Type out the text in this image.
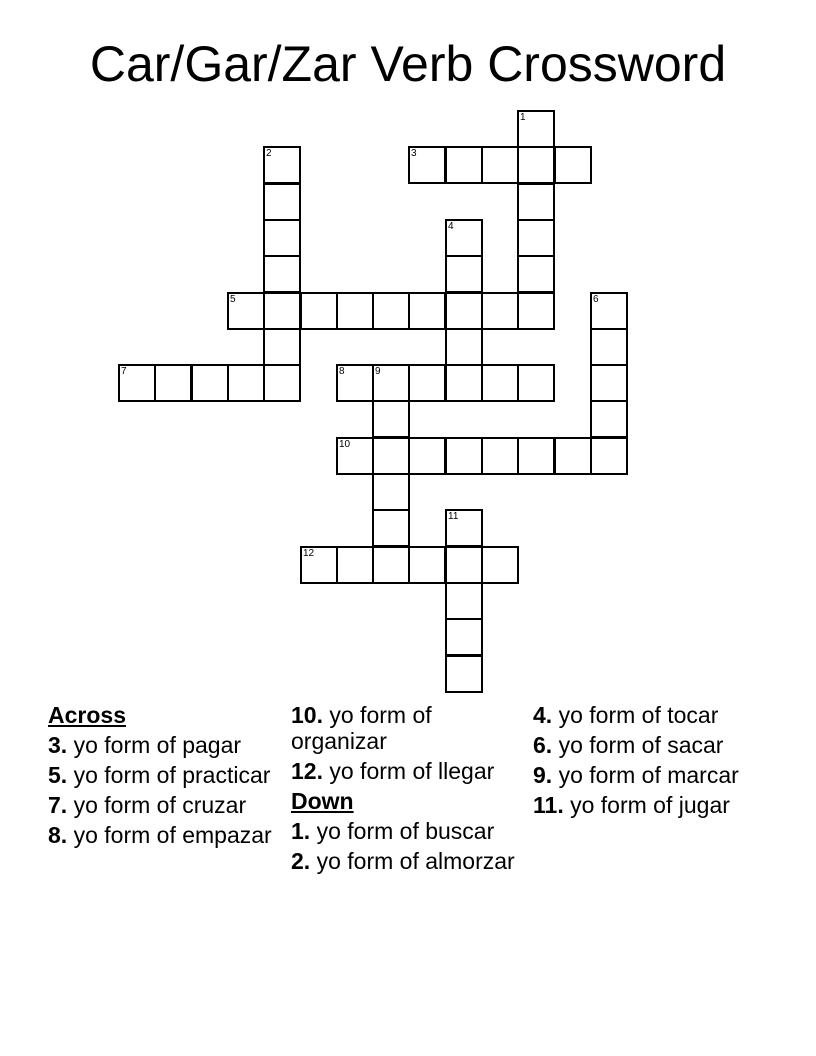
Car/Gar/Zar Verb Crossword
1
2	3
4
5	6
7	8	9
10
11
12
Across
3. yo form of pagar
5. yo form of practicar
7. yo form of cruzar
8. yo form of empazar
10. yo form of organizar
12. yo form of llegar
Down
1. yo form of buscar
2. yo form of almorzar
4. yo form of tocar
6. yo form of sacar
9. yo form of marcar
11. yo form of jugar
